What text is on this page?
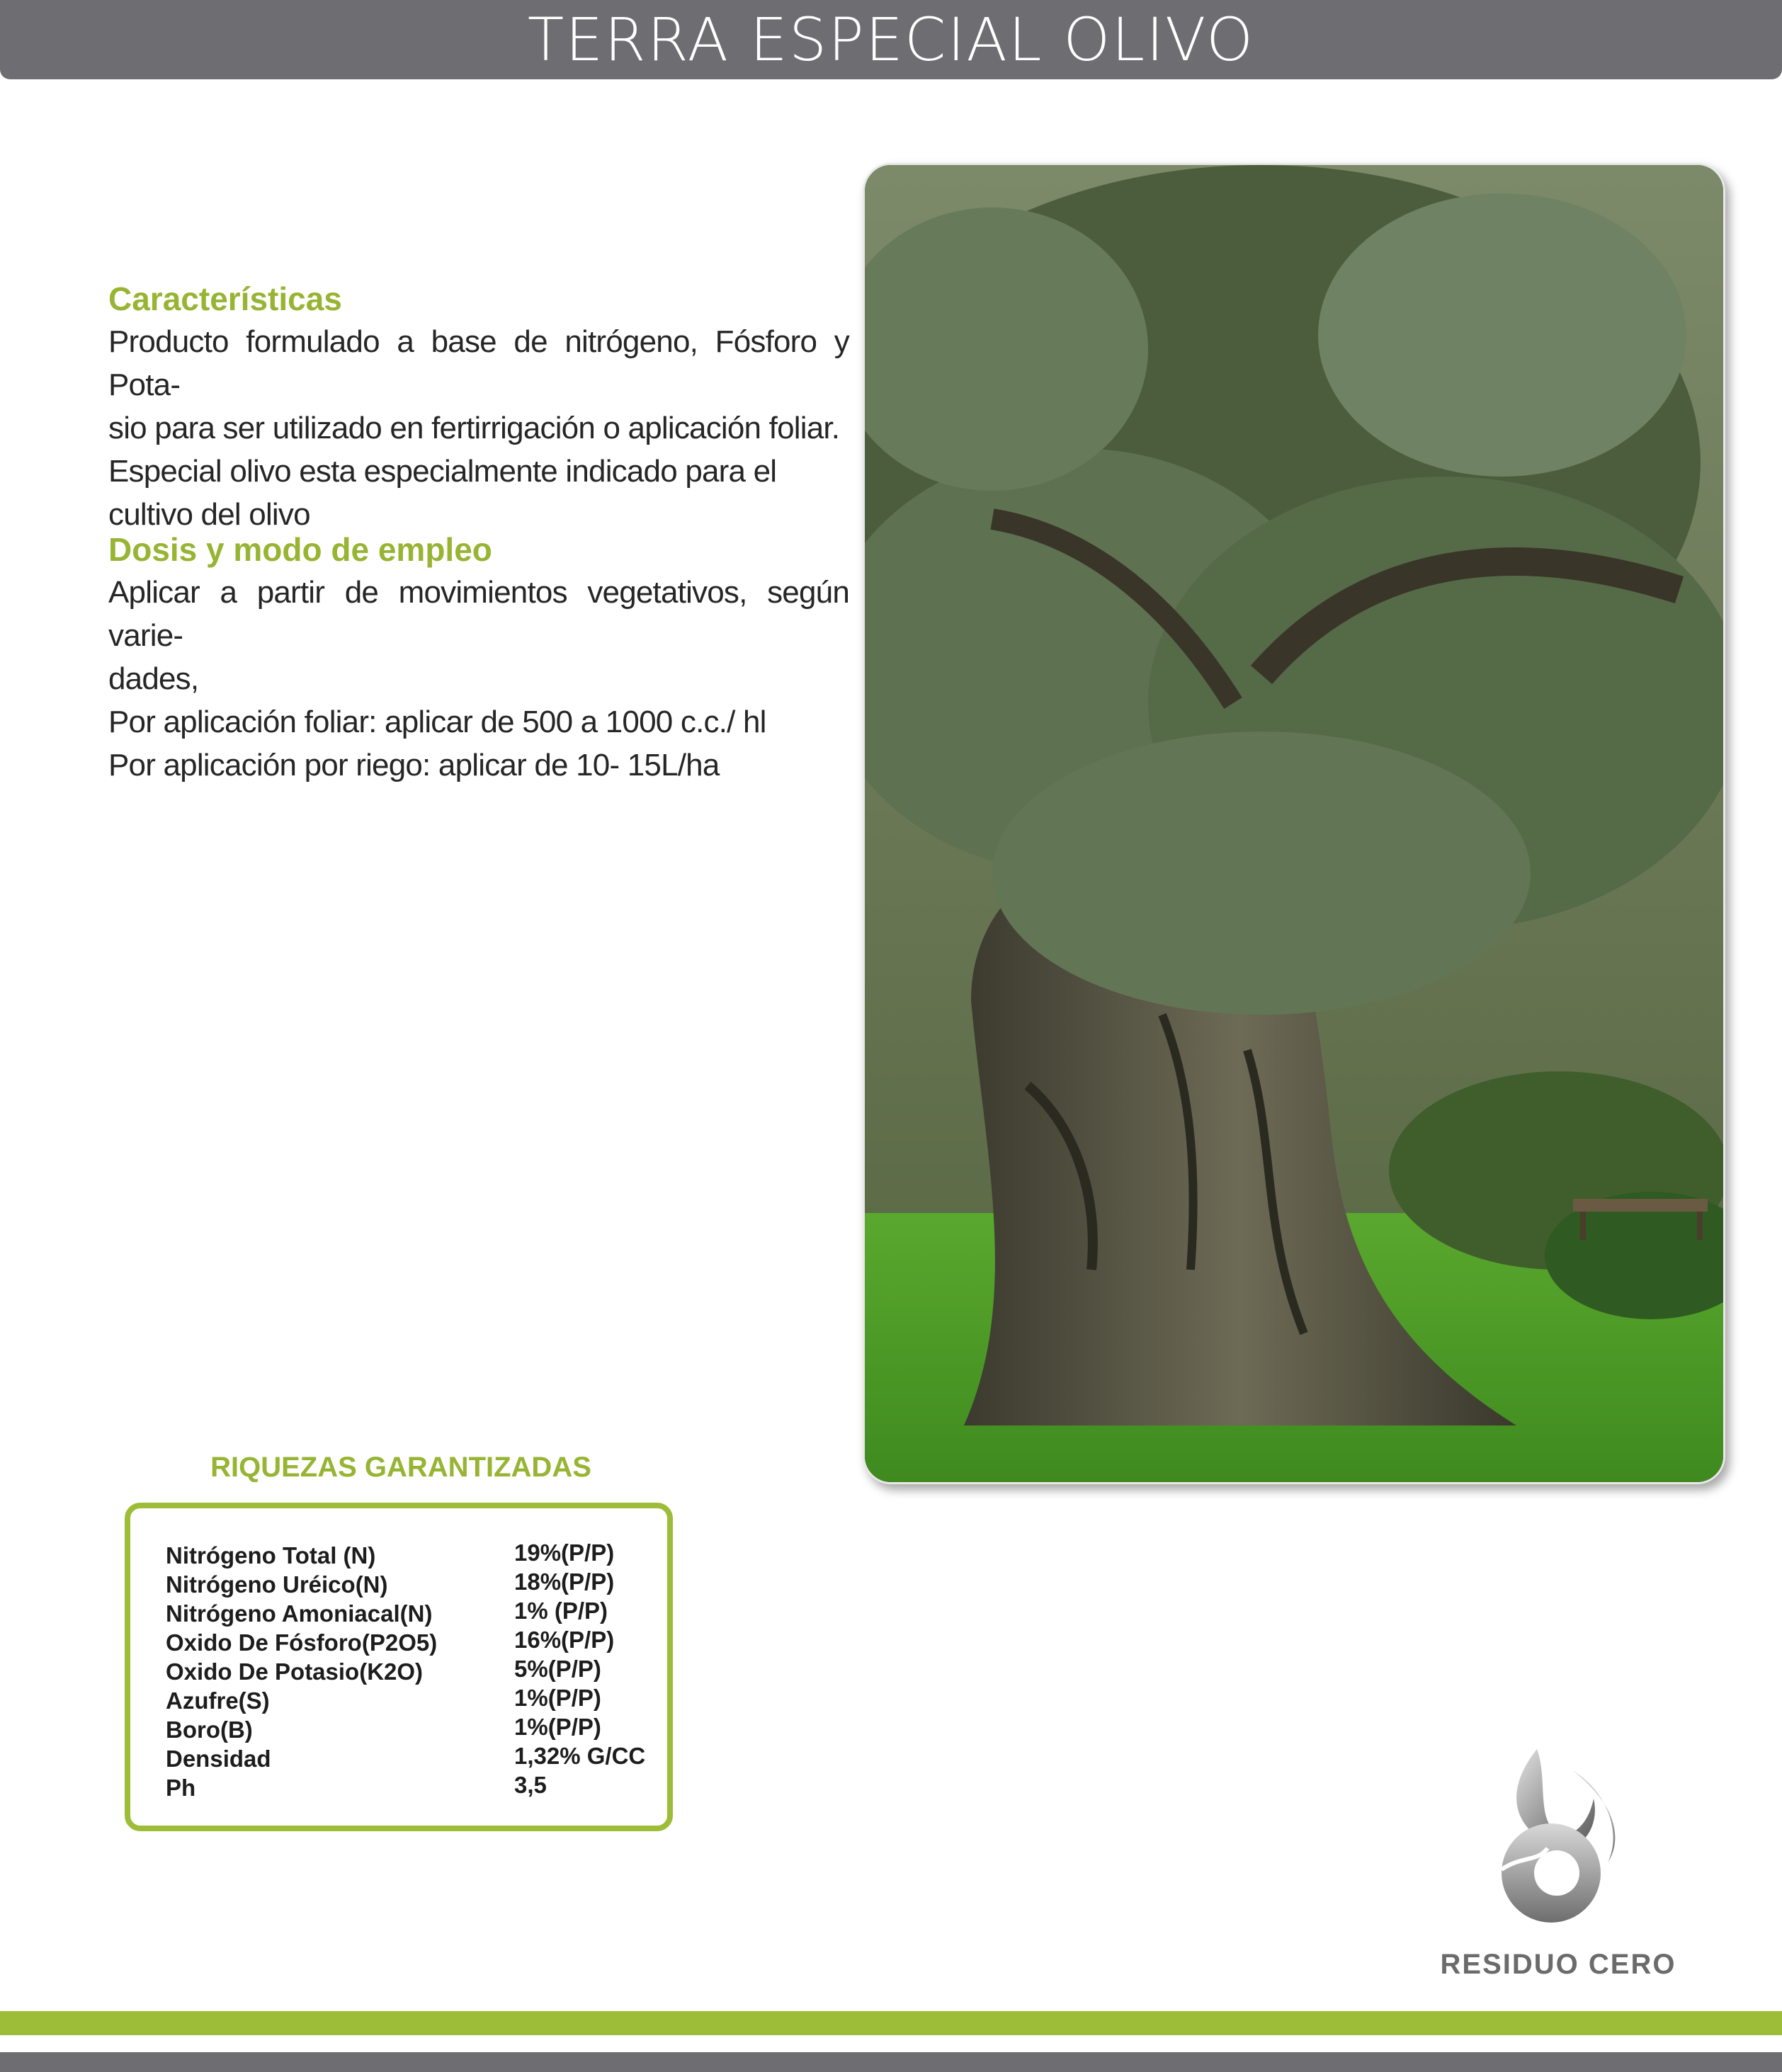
TERRA ESPECIAL OLIVO
Características

Producto formulado a base de nitrógeno, Fósforo y Pota-

sio para ser utilizado en fertirrigación o aplicación foliar.

Especial olivo esta especialmente indicado para el

cultivo del olivo

Dosis y modo de empleo

Aplicar a partir de movimientos vegetativos, según varie-

dades,

Por aplicación foliar: aplicar de 500 a 1000 c.c./ hl

Por aplicación por riego: aplicar de 10- 15L/ha

RIQUEZAS GARANTIZADAS
Nitrógeno Total (N)	19%(P/P)
Nitrógeno Uréico(N)	18%(P/P)
Nitrógeno Amoniacal(N)	1% (P/P)
Oxido De Fósforo(P2O5)	16%(P/P)
Oxido De Potasio(K2O)	5%(P/P)
Azufre(S)	1%(P/P)
Boro(B)	1%(P/P)
Densidad	1,32% G/CC
Ph	3,5
RESIDUO CERO
